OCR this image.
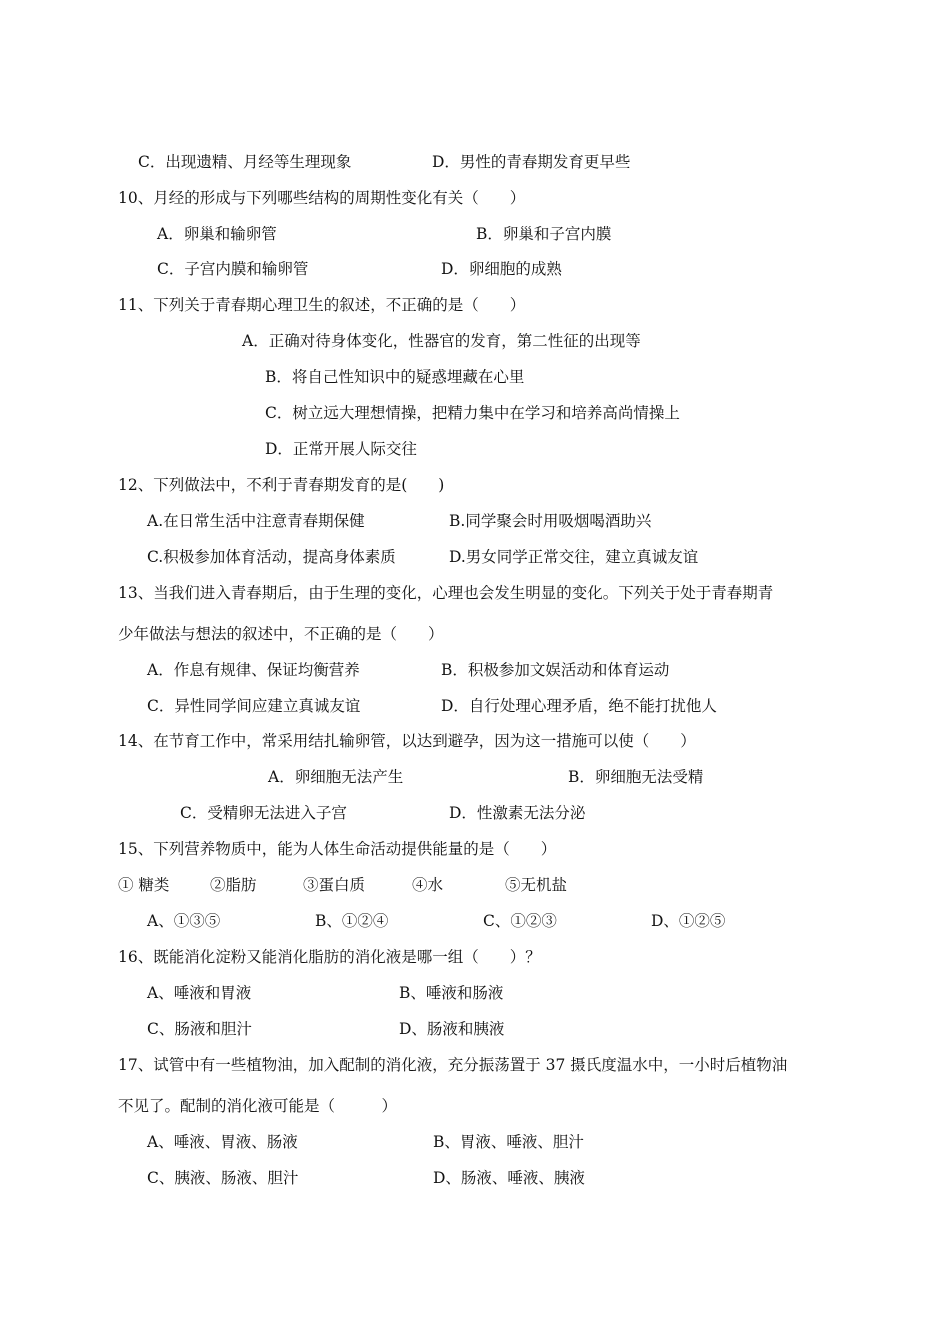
C．出现遗精、月经等生理现象	D．男性的青春期发育更早些
10、月经的形成与下列哪些结构的周期性变化有关（　　）
A．卵巢和输卵管	B．卵巢和子宫内膜
C．子宫内膜和输卵管	D．卵细胞的成熟
11、下列关于青春期心理卫生的叙述，不正确的是（　　）
A．正确对待身体变化，性器官的发育，第二性征的出现等
B．将自己性知识中的疑惑埋藏在心里
C．树立远大理想情操，把精力集中在学习和培养高尚情操上
D．正常开展人际交往
12、下列做法中，不利于青春期发育的是(　　)
A.在日常生活中注意青春期保健	B.同学聚会时用吸烟喝酒助兴
C.积极参加体育活动，提高身体素质	D.男女同学正常交往，建立真诚友谊
13、当我们进入青春期后，由于生理的变化，心理也会发生明显的变化。下列关于处于青春期青
少年做法与想法的叙述中，不正确的是（　　）
A．作息有规律、保证均衡营养	B．积极参加文娱活动和体育运动
C．异性同学间应建立真诚友谊	D．自行处理心理矛盾，绝不能打扰他人
14、在节育工作中，常采用结扎输卵管，以达到避孕，因为这一措施可以使（　　）
A．卵细胞无法产生	B．卵细胞无法受精
C．受精卵无法进入子宫	D．性激素无法分泌
15、下列营养物质中，能为人体生命活动提供能量的是（　　）
① 糖类	②脂肪	③蛋白质	④水	⑤无机盐
A、①③⑤	B、①②④	C、①②③	D、①②⑤
16、既能消化淀粉又能消化脂肪的消化液是哪一组（　　）？
A、唾液和胃液	B、唾液和肠液
C、肠液和胆汁	D、肠液和胰液
17、试管中有一些植物油，加入配制的消化液，充分振荡置于 37 摄氏度温水中，一小时后植物油
不见了。配制的消化液可能是（　　　）
A、唾液、胃液、肠液	B、胃液、唾液、胆汁
C、胰液、肠液、胆汁	D、肠液、唾液、胰液
